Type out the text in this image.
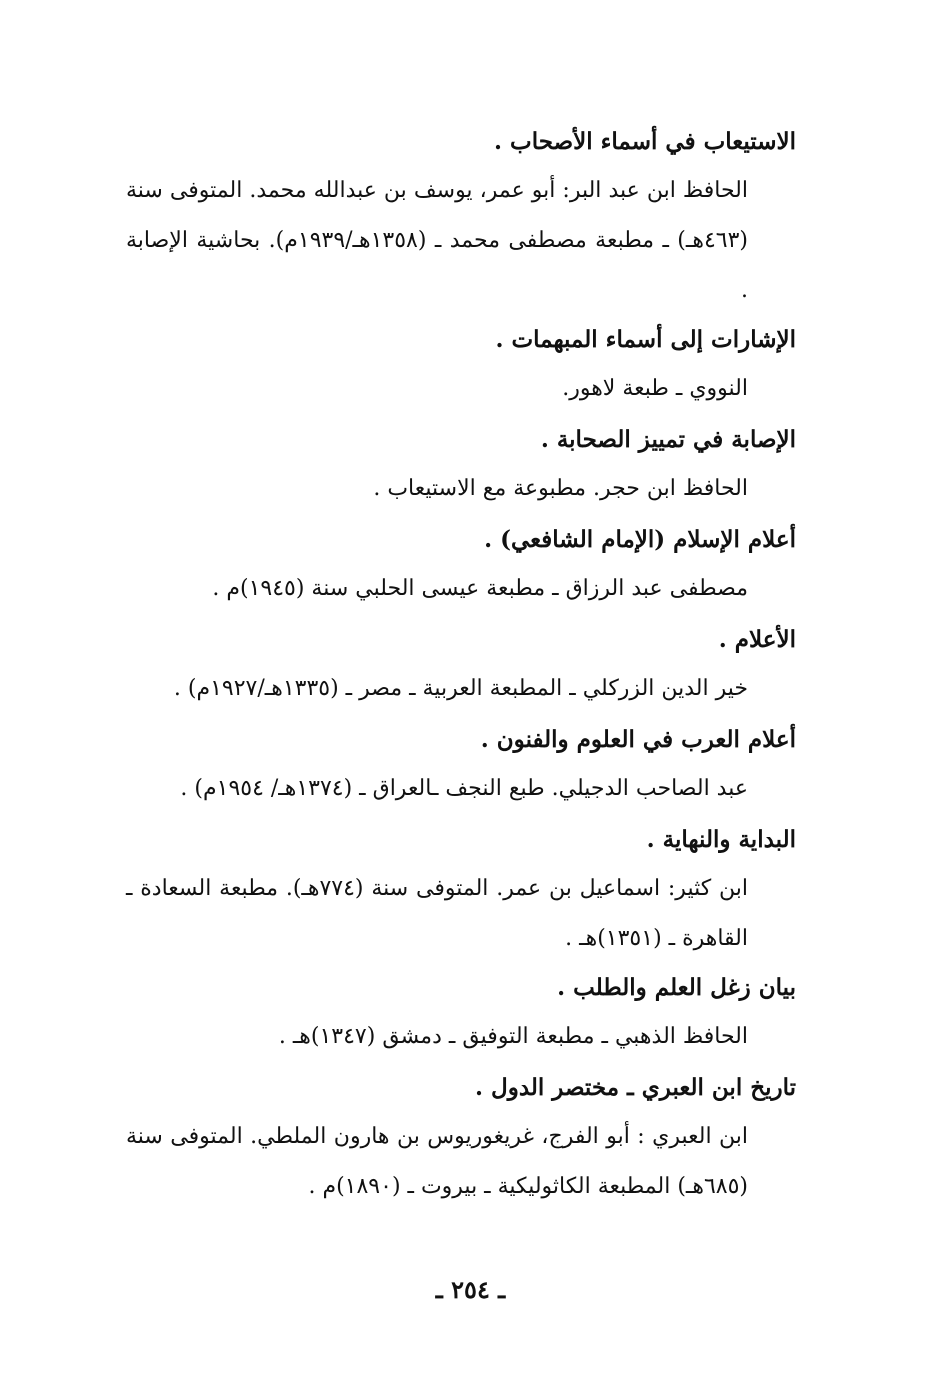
الاستيعاب في أسماء الأصحاب .
الحافظ ابن عبد البر: أبو عمر، يوسف بن عبدالله محمد. المتوفى سنة (٤٦٣هـ) ـ مطبعة مصطفى محمد ـ (١٣٥٨هـ/١٩٣٩م). بحاشية الإصابة .
الإشارات إلى أسماء المبهمات .
النووي ـ طبعة لاهور.
الإصابة في تمييز الصحابة .
الحافظ ابن حجر. مطبوعة مع الاستيعاب .
أعلام الإسلام (الإمام الشافعي) .
مصطفى عبد الرزاق ـ مطبعة عيسى الحلبي سنة (١٩٤٥)م .
الأعلام .
خير الدين الزركلي ـ المطبعة العربية ـ مصر ـ (١٣٣٥هـ/١٩٢٧م) .
أعلام العرب في العلوم والفنون .
عبد الصاحب الدجيلي. طبع النجف ـالعراق ـ (١٣٧٤هـ/ ١٩٥٤م) .
البداية والنهاية .
ابن كثير: اسماعيل بن عمر. المتوفى سنة (٧٧٤هـ). مطبعة السعادة ـ القاهرة ـ (١٣٥١)هـ .
بيان زغل العلم والطلب .
الحافظ الذهبي ـ مطبعة التوفيق ـ دمشق (١٣٤٧)هـ .
تاريخ ابن العبري ـ مختصر الدول .
ابن العبري : أبو الفرج، غريغوريوس بن هارون الملطي. المتوفى سنة (٦٨٥هـ) المطبعة الكاثوليكية ـ بيروت ـ (١٨٩٠)م .
ـ ٢٥٤ ـ
